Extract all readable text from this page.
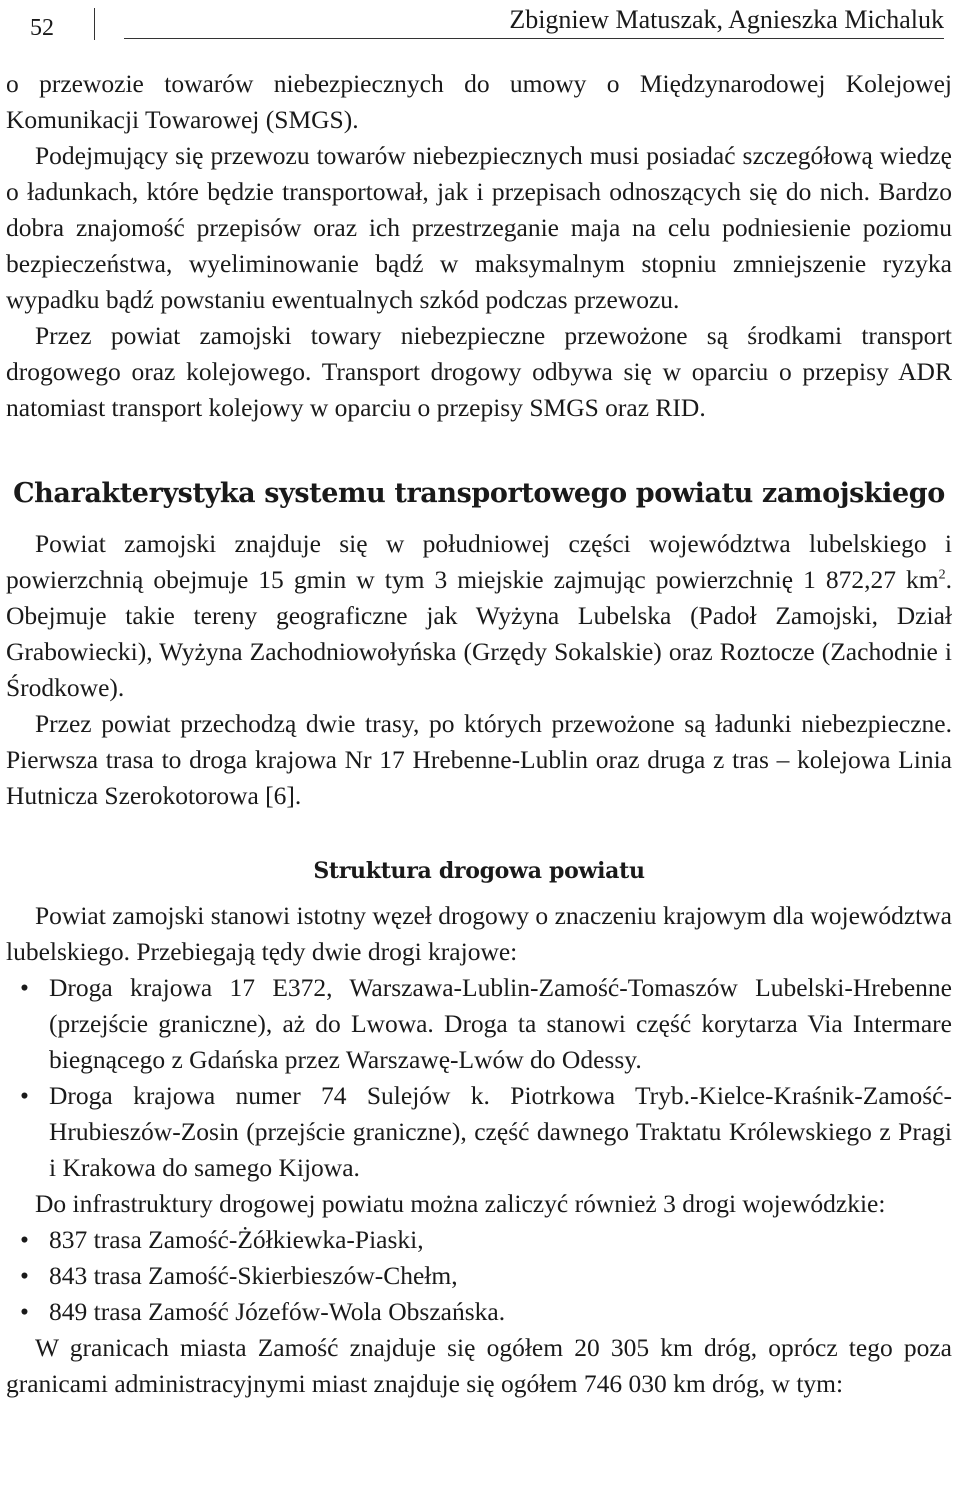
52	Zbigniew Matuszak, Agnieszka Michaluk

o przewozie towarów niebezpiecznych do umowy o Międzynarodowej Kolejowej Komunikacji Towarowej (SMGS).

Podejmujący się przewozu towarów niebezpiecznych musi posiadać szczegółową wiedzę o ładunkach, które będzie transportował, jak i przepisach odnoszących się do nich. Bardzo dobra znajomość przepisów oraz ich przestrzeganie maja na celu podniesienie poziomu bezpieczeństwa, wyeliminowanie bądź w maksymalnym stopniu zmniejszenie ryzyka wypadku bądź powstaniu ewentualnych szkód podczas przewozu.

Przez powiat zamojski towary niebezpieczne przewożone są środkami transport drogowego oraz kolejowego. Transport drogowy odbywa się w oparciu o przepisy ADR natomiast transport kolejowy w oparciu o przepisy SMGS oraz RID.

Charakterystyka systemu transportowego powiatu zamojskiego

Powiat zamojski znajduje się w południowej części województwa lubelskiego i powierzchnią obejmuje 15 gmin w tym 3 miejskie zajmując powierzchnię 1 872,27 $km^2$. Obejmuje takie tereny geograficzne jak Wyżyna Lubelska (Padoł Zamojski, Dział Grabowiecki), Wyżyna Zachodniowołyńska (Grzędy Sokalskie) oraz Roztocze (Zachodnie i Środkowe).

Przez powiat przechodzą dwie trasy, po których przewożone są ładunki niebezpieczne. Pierwsza trasa to droga krajowa Nr 17 Hrebenne-Lublin oraz druga z tras – kolejowa Linia Hutnicza Szerokotorowa [6].

Struktura drogowa powiatu

Powiat zamojski stanowi istotny węzeł drogowy o znaczeniu krajowym dla województwa lubelskiego. Przebiegają tędy dwie drogi krajowe:

• Droga krajowa 17 E372, Warszawa-Lublin-Zamość-Tomaszów Lubelski-Hrebenne (przejście graniczne), aż do Lwowa. Droga ta stanowi część korytarza Via Intermare biegnącego z Gdańska przez Warszawę-Lwów do Odessy.
• Droga krajowa numer 74 Sulejów k. Piotrkowa Tryb.-Kielce-Kraśnik-Zamość-Hrubieszów-Zosin (przejście graniczne), część dawnego Traktatu Królewskiego z Pragi i Krakowa do samego Kijowa.

Do infrastruktury drogowej powiatu można zaliczyć również 3 drogi wojewódzkie:

• 837 trasa Zamość-Żółkiewka-Piaski,
• 843 trasa Zamość-Skierbieszów-Chełm,
• 849 trasa Zamość Józefów-Wola Obszańska.

W granicach miasta Zamość znajduje się ogółem 20 305 km dróg, oprócz tego poza granicami administracyjnymi miast znajduje się ogółem 746 030 km dróg, w tym:
